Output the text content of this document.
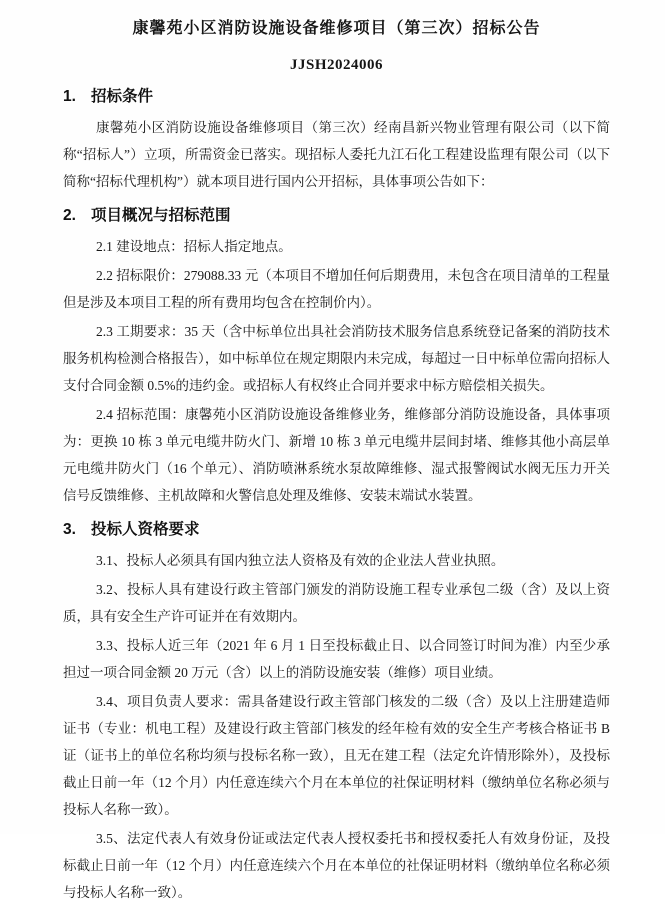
康馨苑小区消防设施设备维修项目（第三次）招标公告
JJSH2024006
1. 招标条件

康馨苑小区消防设施设备维修项目（第三次）经南昌新兴物业管理有限公司（以下简称“招标人”）立项，所需资金已落实。现招标人委托九江石化工程建设监理有限公司（以下简称“招标代理机构”）就本项目进行国内公开招标，具体事项公告如下：

2. 项目概况与招标范围

2.1 建设地点：招标人指定地点。

2.2 招标限价：279088.33 元（本项目不增加任何后期费用，未包含在项目清单的工程量但是涉及本项目工程的所有费用均包含在控制价内）。

2.3 工期要求：35 天（含中标单位出具社会消防技术服务信息系统登记备案的消防技术服务机构检测合格报告），如中标单位在规定期限内未完成，每超过一日中标单位需向招标人支付合同金额 0.5%的违约金。或招标人有权终止合同并要求中标方赔偿相关损失。

2.4 招标范围：康馨苑小区消防设施设备维修业务，维修部分消防设施设备，具体事项为：更换 10 栋 3 单元电缆井防火门、新增 10 栋 3 单元电缆井层间封堵、维修其他小高层单元电缆井防火门（16 个单元）、消防喷淋系统水泵故障维修、湿式报警阀试水阀无压力开关信号反馈维修、主机故障和火警信息处理及维修、安装末端试水装置。

3. 投标人资格要求

3.1、投标人必须具有国内独立法人资格及有效的企业法人营业执照。

3.2、投标人具有建设行政主管部门颁发的消防设施工程专业承包二级（含）及以上资质，具有安全生产许可证并在有效期内。

3.3、投标人近三年（2021 年 6 月 1 日至投标截止日、以合同签订时间为准）内至少承担过一项合同金额 20 万元（含）以上的消防设施安装（维修）项目业绩。

3.4、项目负责人要求：需具备建设行政主管部门核发的二级（含）及以上注册建造师证书（专业：机电工程）及建设行政主管部门核发的经年检有效的安全生产考核合格证书 B 证（证书上的单位名称均须与投标名称一致），且无在建工程（法定允许情形除外），及投标截止日前一年（12 个月）内任意连续六个月在本单位的社保证明材料（缴纳单位名称必须与投标人名称一致）。

3.5、法定代表人有效身份证或法定代表人授权委托书和授权委托人有效身份证，及投标截止日前一年（12 个月）内任意连续六个月在本单位的社保证明材料（缴纳单位名称必须与投标人名称一致）。
